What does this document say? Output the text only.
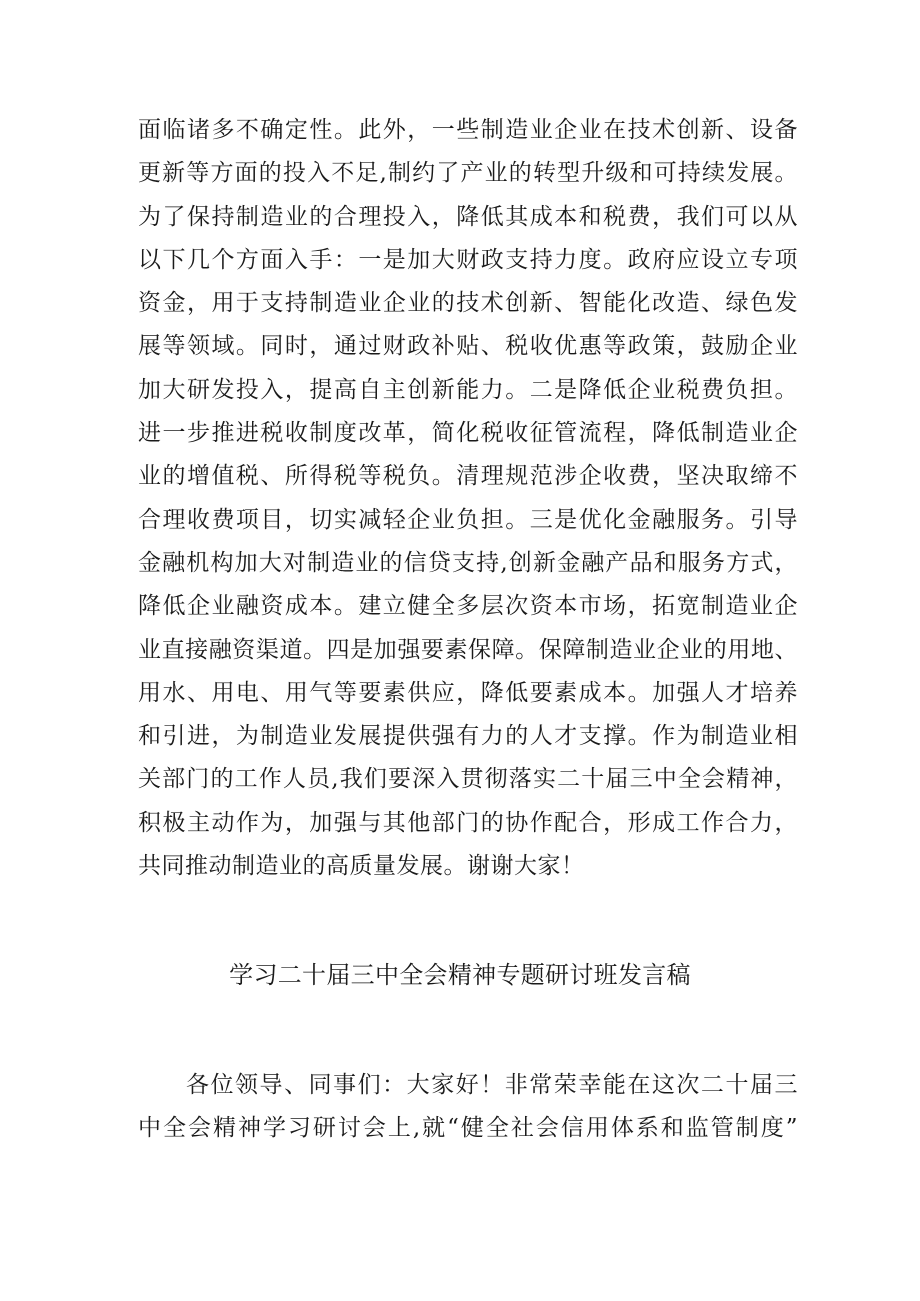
面临诸多不确定性。此外，一些制造业企业在技术创新、设备
更新等方面的投入不足,制约了产业的转型升级和可持续发展。
为了保持制造业的合理投入，降低其成本和税费，我们可以从
以下几个方面入手：一是加大财政支持力度。政府应设立专项
资金，用于支持制造业企业的技术创新、智能化改造、绿色发
展等领域。同时，通过财政补贴、税收优惠等政策，鼓励企业
加大研发投入，提高自主创新能力。二是降低企业税费负担。
进一步推进税收制度改革，简化税收征管流程，降低制造业企
业的增值税、所得税等税负。清理规范涉企收费，坚决取缔不
合理收费项目，切实减轻企业负担。三是优化金融服务。引导
金融机构加大对制造业的信贷支持,创新金融产品和服务方式，
降低企业融资成本。建立健全多层次资本市场，拓宽制造业企
业直接融资渠道。四是加强要素保障。保障制造业企业的用地、
用水、用电、用气等要素供应，降低要素成本。加强人才培养
和引进，为制造业发展提供强有力的人才支撑。作为制造业相
关部门的工作人员,我们要深入贯彻落实二十届三中全会精神，
积极主动作为，加强与其他部门的协作配合，形成工作合力，
共同推动制造业的高质量发展。谢谢大家！
学习二十届三中全会精神专题研讨班发言稿
各位领导、同事们：大家好！非常荣幸能在这次二十届三
中全会精神学习研讨会上,就“健全社会信用体系和监管制度”
